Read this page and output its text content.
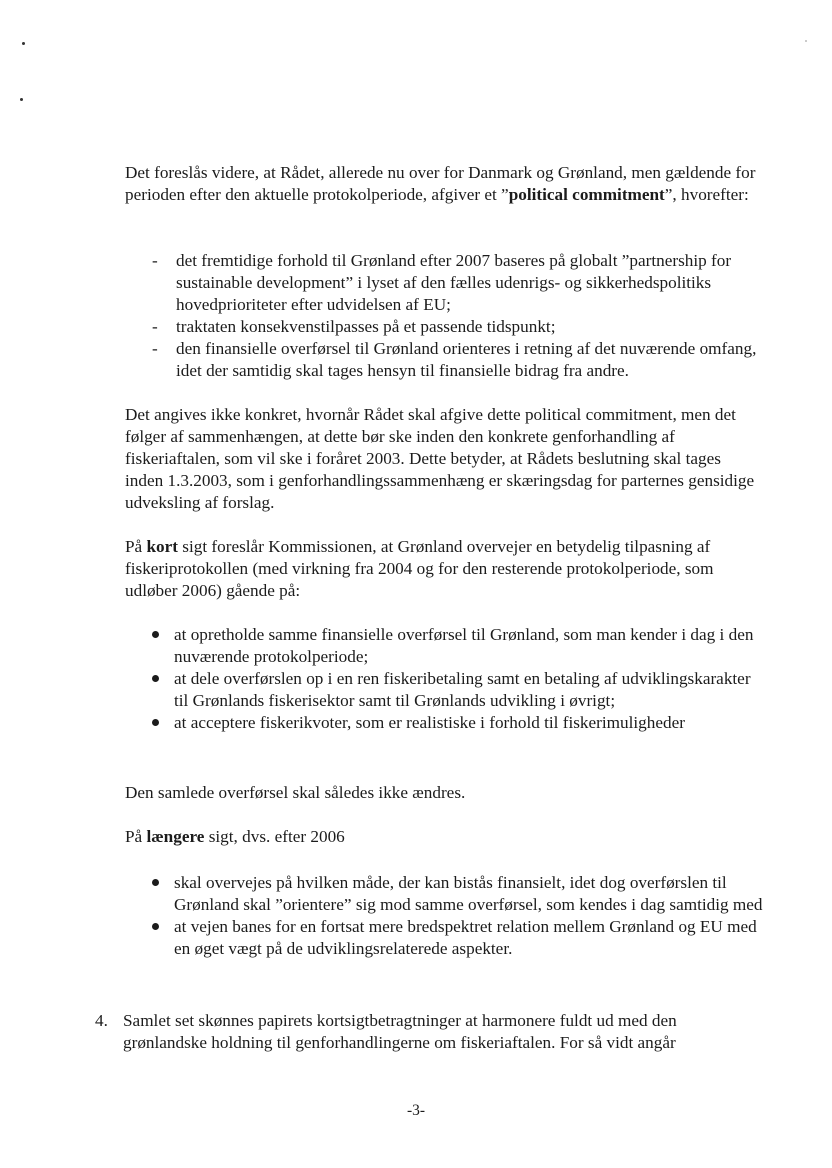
Det foreslås videre, at Rådet, allerede nu over for Danmark og Grønland, men gældende for perioden efter den aktuelle protokolperiode, afgiver et ”political commitment”, hvorefter:

- det fremtidige forhold til Grønland efter 2007 baseres på globalt ”partnership for sustainable development” i lyset af den fælles udenrigs- og sikkerhedspolitiks hovedprioriteter efter udvidelsen af EU;
- traktaten konsekvenstilpasses på et passende tidspunkt;
- den finansielle overførsel til Grønland orienteres i retning af det nuværende omfang, idet der samtidig skal tages hensyn til finansielle bidrag fra andre.

Det angives ikke konkret, hvornår Rådet skal afgive dette political commitment, men det følger af sammenhængen, at dette bør ske inden den konkrete genforhandling af fiskeriaftalen, som vil ske i foråret 2003. Dette betyder, at Rådets beslutning skal tages inden 1.3.2003, som i genforhandlingssammenhæng er skæringsdag for parternes gensidige udveksling af forslag.

På kort sigt foreslår Kommissionen, at Grønland overvejer en betydelig tilpasning af fiskeriprotokollen (med virkning fra 2004 og for den resterende protokolperiode, som udløber 2006) gående på:

at opretholde samme finansielle overførsel til Grønland, som man kender i dag i den nuværende protokolperiode;
at dele overførslen op i en ren fiskeribetaling samt en betaling af udviklingskarakter til Grønlands fiskerisektor samt til Grønlands udvikling i øvrigt;
at acceptere fiskerikvoter, som er realistiske i forhold til fiskerimuligheder

Den samlede overførsel skal således ikke ændres.

På længere sigt, dvs. efter 2006

skal overvejes på hvilken måde, der kan bistås finansielt, idet dog overførslen til Grønland skal ”orientere” sig mod samme overførsel, som kendes i dag samtidig med
at vejen banes for en fortsat mere bredspektret relation mellem Grønland og EU med en øget vægt på de udviklingsrelaterede aspekter.
4. Samlet set skønnes papirets kortsigtbetragtninger at harmonere fuldt ud med den grønlandske holdning til genforhandlingerne om fiskeriaftalen. For så vidt angår
-3-
